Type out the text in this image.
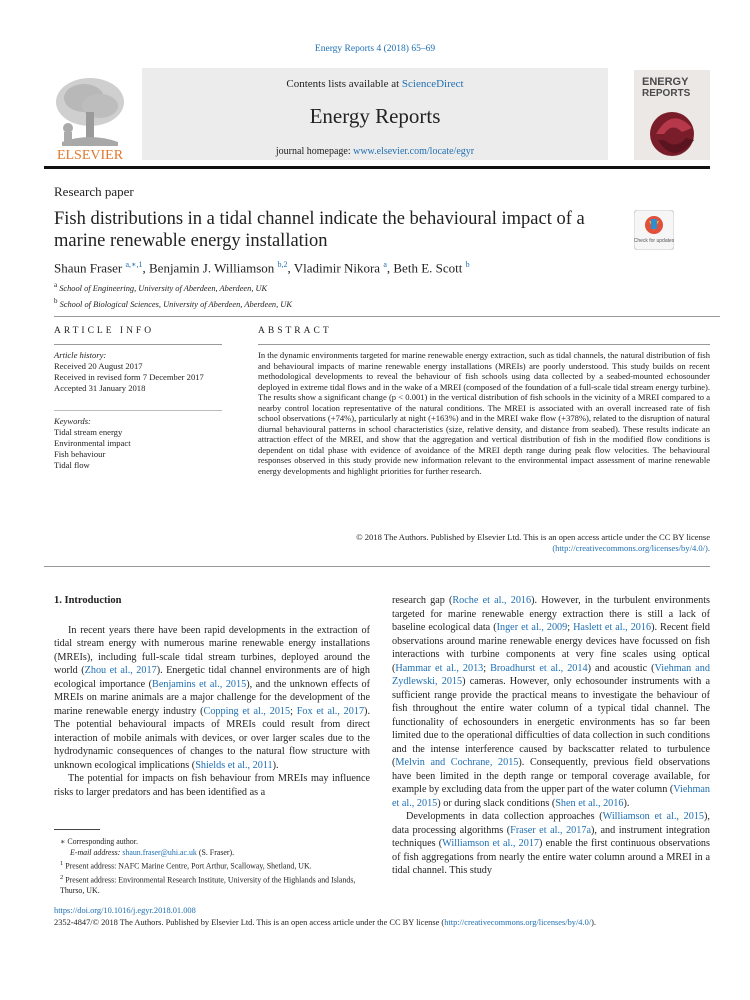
Energy Reports 4 (2018) 65–69
ELSEVIER
Contents lists available at ScienceDirect
Energy Reports
journal homepage: www.elsevier.com/locate/egyr
ENERGY
REPORTS
Research paper
Fish distributions in a tidal channel indicate the behavioural impact of a marine renewable energy installation	Check for updates
Shaun Fraser $^{a,∗,1}$, Benjamin J. Williamson $^{b,2}$, Vladimir Nikora $^a$, Beth E. Scott $^b$
$^a$ School of Engineering, University of Aberdeen, Aberdeen, UK
$^b$ School of Biological Sciences, University of Aberdeen, Aberdeen, UK
ARTICLE INFO	ABSTRACT
Article history:
Received 20 August 2017
Received in revised form 7 December 2017
Accepted 31 January 2018
Keywords:
Tidal stream energy
Environmental impact
Fish behaviour
Tidal flow
In the dynamic environments targeted for marine renewable energy extraction, such as tidal channels, the natural distribution of fish and behavioural impacts of marine renewable energy installations (MREIs) are poorly understood. This study builds on recent methodological developments to reveal the behaviour of fish schools using data collected by a seabed-mounted echosounder deployed in extreme tidal flows and in the wake of a MREI (composed of the foundation of a full-scale tidal stream energy turbine). The results show a significant change (p < 0.001) in the vertical distribution of fish schools in the vicinity of a MREI compared to a nearby control location representative of the natural conditions. The MREI is associated with an overall increased rate of fish school observations (+74%), particularly at night (+163%) and in the MREI wake flow (+378%), related to the disruption of natural diurnal behavioural patterns in school characteristics (size, relative density, and distance from seabed). These results indicate an attraction effect of the MREI, and show that the aggregation and vertical distribution of fish in the modified flow conditions is dependent on tidal phase with evidence of avoidance of the MREI depth range during peak flow velocities. The behavioural responses observed in this study provide new information relevant to the environmental impact assessment of marine renewable energy developments and highlight priorities for further research.
© 2018 The Authors. Published by Elsevier Ltd. This is an open access article under the CC BY license
(http://creativecommons.org/licenses/by/4.0/).
1. Introduction

In recent years there have been rapid developments in the extraction of tidal stream energy with numerous marine renewable energy installations (MREIs), including full-scale tidal stream turbines, deployed around the world (Zhou et al., 2017). Energetic tidal channel environments are of high ecological importance (Benjamins et al., 2015), and the unknown effects of MREIs on marine animals are a major challenge for the development of the marine renewable energy industry (Copping et al., 2015; Fox et al., 2017). The potential behavioural impacts of MREIs could result from direct interaction of mobile animals with devices, or over larger scales due to the hydrodynamic consequences of changes to the natural flow structure with unknown ecological implications (Shields et al., 2011).

The potential for impacts on fish behaviour from MREIs may influence risks to larger predators and has been identified as a

research gap (Roche et al., 2016). However, in the turbulent environments targeted for marine renewable energy extraction there is still a lack of baseline ecological data (Inger et al., 2009; Haslett et al., 2016). Recent field observations around marine renewable energy devices have focussed on fish interactions with turbine components at very fine scales using optical (Hammar et al., 2013; Broadhurst et al., 2014) and acoustic (Viehman and Zydlewski, 2015) cameras. However, only echosounder instruments with a sufficient range provide the practical means to investigate the behaviour of fish throughout the entire water column of a typical tidal channel. The functionality of echosounders in energetic environments has so far been limited due to the operational difficulties of data collection in such conditions and the intense interference caused by backscatter related to turbulence (Melvin and Cochrane, 2015). Consequently, previous field observations have been limited in the depth range or temporal coverage available, for example by excluding data from the upper part of the water column (Viehman et al., 2015) or during slack conditions (Shen et al., 2016).

Developments in data collection approaches (Williamson et al., 2015), data processing algorithms (Fraser et al., 2017a), and instrument integration techniques (Williamson et al., 2017) enable the first continuous observations of fish aggregations from nearly the entire water column around a MREI in a tidal channel. This study

∗ Corresponding author.
E-mail address: shaun.fraser@uhi.ac.uk (S. Fraser).
$^1$ Present address: NAFC Marine Centre, Port Arthur, Scalloway, Shetland, UK.
$^2$ Present address: Environmental Research Institute, University of the Highlands and Islands, Thurso, UK.
https://doi.org/10.1016/j.egyr.2018.01.008
2352-4847/© 2018 The Authors. Published by Elsevier Ltd. This is an open access article under the CC BY license (http://creativecommons.org/licenses/by/4.0/).
